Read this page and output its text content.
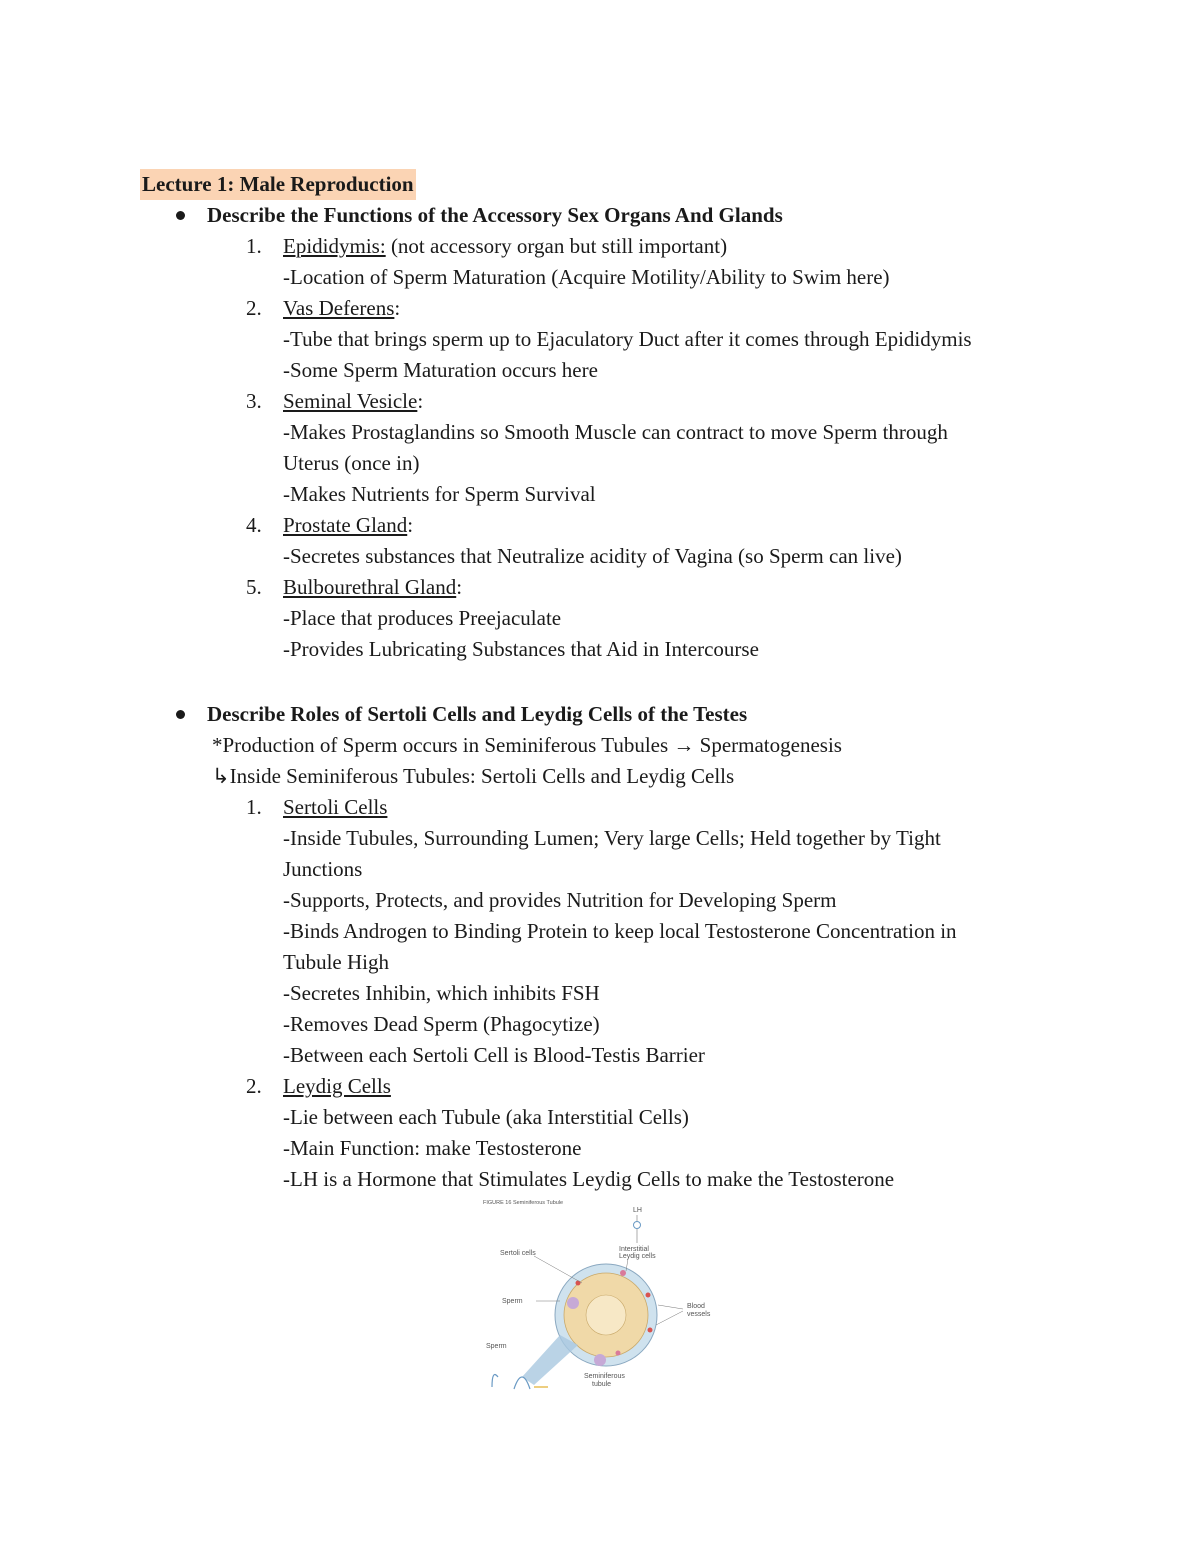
Lecture 1: Male Reproduction
Describe the Functions of the Accessory Sex Organs And Glands
1. Epididymis: (not accessory organ but still important)
-Location of Sperm Maturation (Acquire Motility/Ability to Swim here)
2. Vas Deferens:
-Tube that brings sperm up to Ejaculatory Duct after it comes through Epididymis
-Some Sperm Maturation occurs here
3. Seminal Vesicle:
-Makes Prostaglandins so Smooth Muscle can contract to move Sperm through
Uterus (once in)
-Makes Nutrients for Sperm Survival
4. Prostate Gland:
-Secretes substances that Neutralize acidity of Vagina (so Sperm can live)
5. Bulbourethral Gland:
-Place that produces Preejaculate
-Provides Lubricating Substances that Aid in Intercourse
Describe Roles of Sertoli Cells and Leydig Cells of the Testes
*Production of Sperm occurs in Seminiferous Tubules → Spermatogenesis
↳Inside Seminiferous Tubules: Sertoli Cells and Leydig Cells
1. Sertoli Cells
-Inside Tubules, Surrounding Lumen; Very large Cells; Held together by Tight
Junctions
-Supports, Protects, and provides Nutrition for Developing Sperm
-Binds Androgen to Binding Protein to keep local Testosterone Concentration in
Tubule High
-Secretes Inhibin, which inhibits FSH
-Removes Dead Sperm (Phagocytize)
-Between each Sertoli Cell is Blood-Testis Barrier
2. Leydig Cells
-Lie between each Tubule (aka Interstitial Cells)
-Main Function: make Testosterone
-LH is a Hormone that Stimulates Leydig Cells to make the Testosterone
FIGURE 16 Seminiferous Tubule
LH
Interstitial
Leydig cells
Sertoli cells
Sperm
Blood
vessels
Sperm
Seminiferous
tubule
